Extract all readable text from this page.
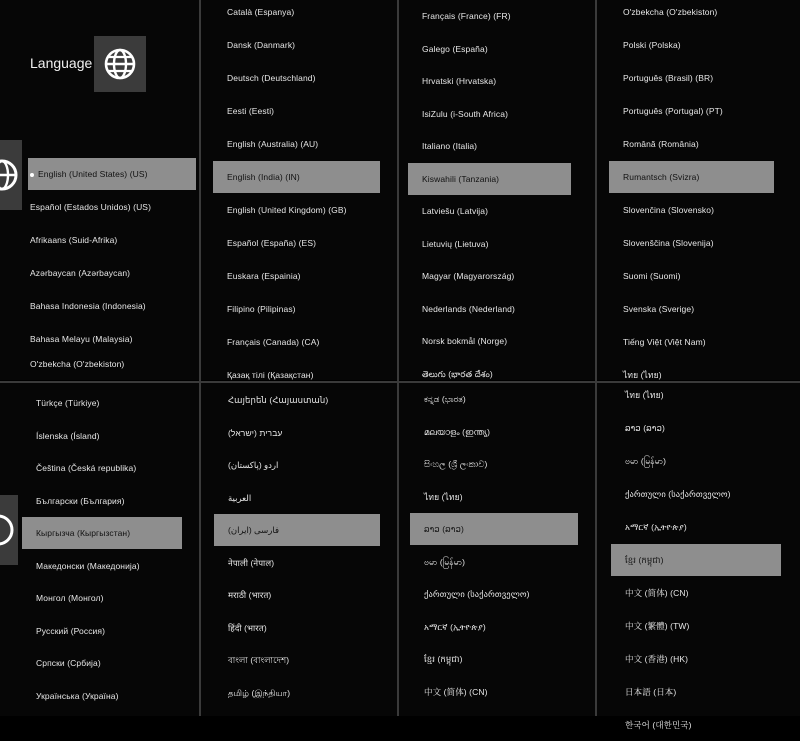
Language
English (United States) (US)
Español (Estados Unidos) (US)
Afrikaans (Suid-Afrika)
Azərbaycan (Azərbaycan)
Bahasa Indonesia (Indonesia)
Bahasa Melayu (Malaysia)
O'zbekcha (O'zbekiston)
Català (Espanya)
Dansk (Danmark)
Deutsch (Deutschland)
Eesti (Eesti)
English (Australia) (AU)
English (India) (IN)
English (United Kingdom) (GB)
Español (España) (ES)
Euskara (Espainia)
Filipino (Pilipinas)
Français (Canada) (CA)
Қазақ тілі (Қазақстан)
Français (France) (FR)
Galego (España)
Hrvatski (Hrvatska)
IsiZulu (i-South Africa)
Italiano (Italia)
Kiswahili (Tanzania)
Latviešu (Latvija)
Lietuvių (Lietuva)
Magyar (Magyarország)
Nederlands (Nederland)
Norsk bokmål (Norge)
తెలుగు (భారత దేశం)
O'zbekcha (O'zbekiston)
Polski (Polska)
Português (Brasil) (BR)
Português (Portugal) (PT)
Română (România)
Rumantsch (Svizra)
Slovenčina (Slovensko)
Slovenščina (Slovenija)
Suomi (Suomi)
Svenska (Sverige)
Tiếng Việt (Việt Nam)
ไทย (ไทย)
Türkçe (Türkiye)
Íslenska (Ísland)
Čeština (Česká republika)
Български (България)
Кыргызча (Кыргызстан)
Македонски (Македонија)
Монгол (Монгол)
Русский (Россия)
Српски (Србија)
Українська (Україна)
Հայերեն (Հայաստան)
עברית (ישראל)
اردو (پاکستان)
العربية
فارسی (ایران)
नेपाली (नेपाल)
मराठी (भारत)
हिंदी (भारत)
বাংলা (বাংলাদেশ)
தமிழ் (இந்தியா)
ಕನ್ನಡ (ಭಾರತ)
മലയാളം (ഇന്ത്യ)
සිංහල (ශ්‍රී ලංකාව)
ไทย (ไทย)
ລາວ (ລາວ)
ဗမာ (မြန်မာ)
ქართული (საქართველო)
አማርኛ (ኢትዮጵያ)
ខ្មែរ (កម្ពុជា)
中文 (简体) (CN)
ไทย (ไทย)
ລາວ (ລາວ)
ဗမာ (မြန်မာ)
ქართული (საქართველო)
አማርኛ (ኢትዮጵያ)
ខ្មែរ (កម្ពុជា)
中文 (简体) (CN)
中文 (繁體) (TW)
中文 (香港) (HK)
日本語 (日本)
한국어 (대한민국)
